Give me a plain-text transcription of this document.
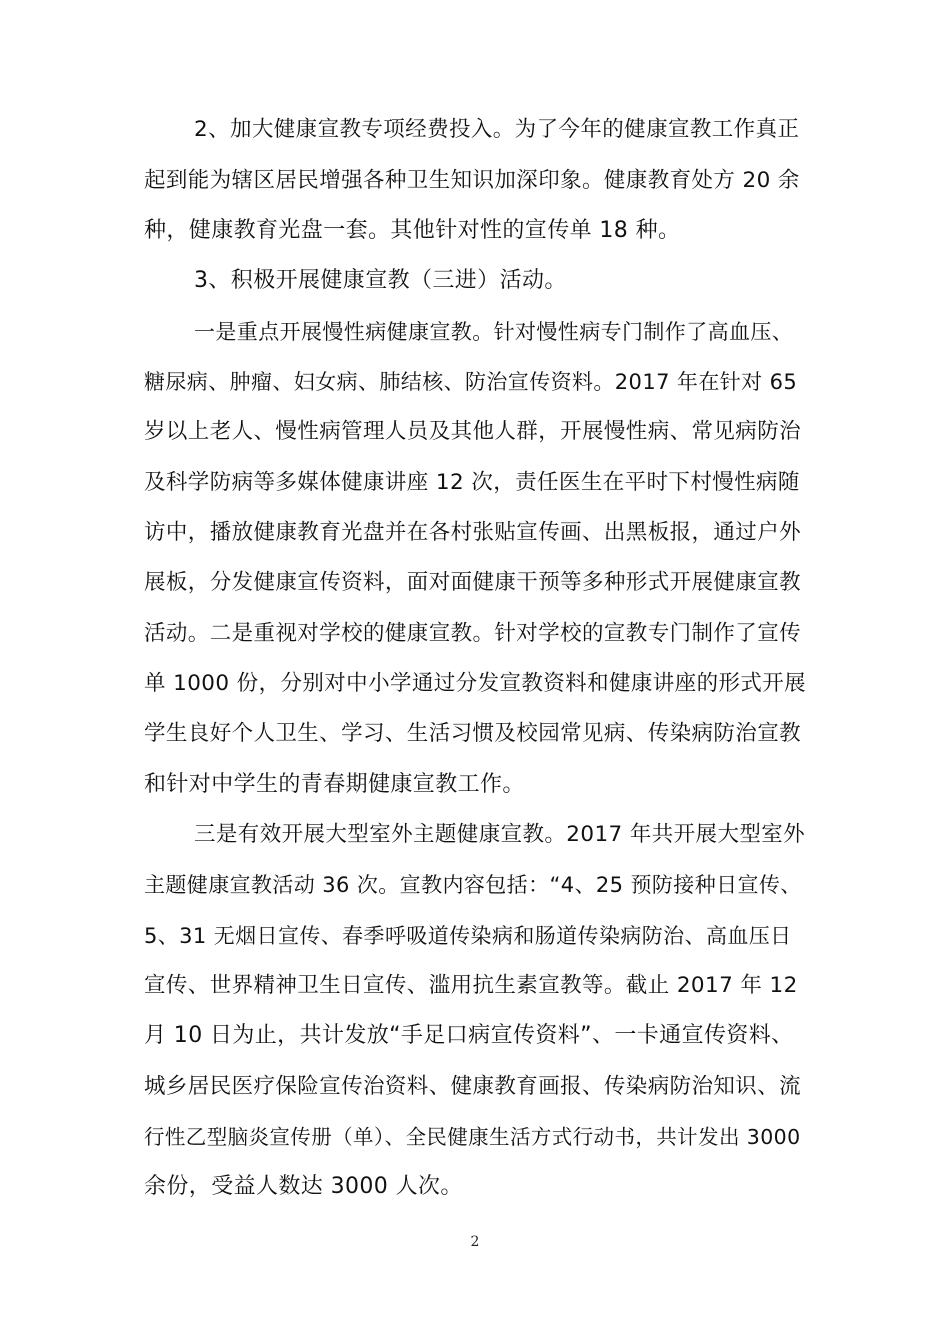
2、加大健康宣教专项经费投入。为了今年的健康宣教工作真正
起到能为辖区居民增强各种卫生知识加深印象。健康教育处方 20 余
种，健康教育光盘一套。其他针对性的宣传单 18 种。
3、积极开展健康宣教（三进）活动。
一是重点开展慢性病健康宣教。针对慢性病专门制作了高血压、
糖尿病、肿瘤、妇女病、肺结核、防治宣传资料。2017 年在针对 65
岁以上老人、慢性病管理人员及其他人群，开展慢性病、常见病防治
及科学防病等多媒体健康讲座 12 次，责任医生在平时下村慢性病随
访中，播放健康教育光盘并在各村张贴宣传画、出黑板报，通过户外
展板，分发健康宣传资料，面对面健康干预等多种形式开展健康宣教
活动。二是重视对学校的健康宣教。针对学校的宣教专门制作了宣传
单 1000 份，分别对中小学通过分发宣教资料和健康讲座的形式开展
学生良好个人卫生、学习、生活习惯及校园常见病、传染病防治宣教
和针对中学生的青春期健康宣教工作。
三是有效开展大型室外主题健康宣教。2017 年共开展大型室外
主题健康宣教活动 36 次。宣教内容包括：“4、25 预防接种日宣传、
5、31 无烟日宣传、春季呼吸道传染病和肠道传染病防治、高血压日
宣传、世界精神卫生日宣传、滥用抗生素宣教等。截止 2017 年 12
月 10 日为止，共计发放“手足口病宣传资料”、一卡通宣传资料、
城乡居民医疗保险宣传治资料、健康教育画报、传染病防治知识、流
行性乙型脑炎宣传册（单）、全民健康生活方式行动书，共计发出 3000
余份，受益人数达 3000 人次。
2
